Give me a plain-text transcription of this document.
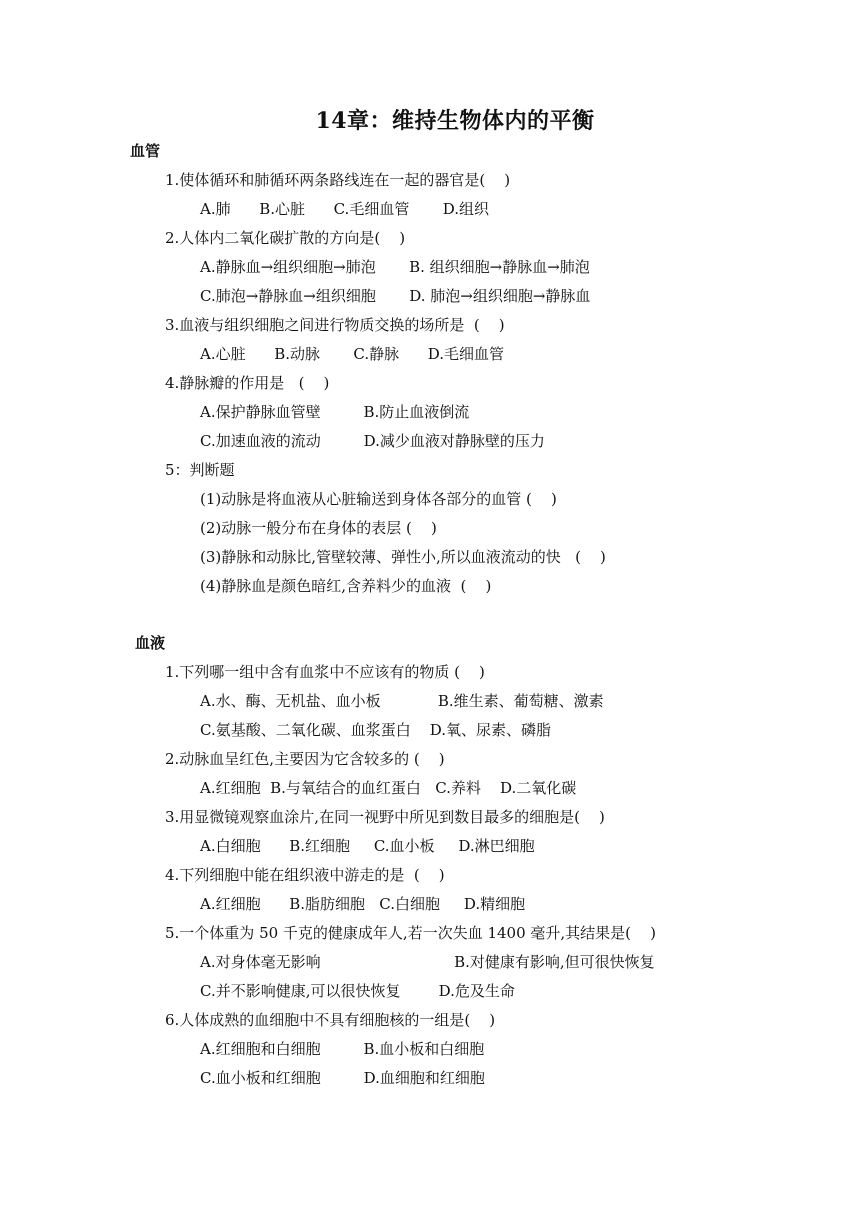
14章：维持生物体内的平衡
血管
1.使体循环和肺循环两条路线连在一起的器官是(    )
A.肺      B.心脏      C.毛细血管       D.组织
2.人体内二氧化碳扩散的方向是(    )
A.静脉血→组织细胞→肺泡       B. 组织细胞→静脉血→肺泡
C.肺泡→静脉血→组织细胞       D. 肺泡→组织细胞→静脉血
3.血液与组织细胞之间进行物质交换的场所是  (    )
A.心脏      B.动脉       C.静脉      D.毛细血管
4.静脉瓣的作用是   (    )
A.保护静脉血管壁         B.防止血液倒流
C.加速血液的流动         D.减少血液对静脉壁的压力
5：判断题
(1)动脉是将血液从心脏输送到身体各部分的血管 (    )
(2)动脉一般分布在身体的表层 (    )
(3)静脉和动脉比,管壁较薄、弹性小,所以血液流动的快   (    )
(4)静脉血是颜色暗红,含养料少的血液  (    )
血液
1.下列哪一组中含有血浆中不应该有的物质 (    )
A.水、酶、无机盐、血小板            B.维生素、葡萄糖、激素
C.氨基酸、二氧化碳、血浆蛋白    D.氧、尿素、磷脂
2.动脉血呈红色,主要因为它含较多的 (    )
A.红细胞  B.与氧结合的血红蛋白   C.养料    D.二氧化碳
3.用显微镜观察血涂片,在同一视野中所见到数目最多的细胞是(    )
A.白细胞      B.红细胞     C.血小板     D.淋巴细胞
4.下列细胞中能在组织液中游走的是  (    )
A.红细胞      B.脂肪细胞   C.白细胞     D.精细胞
5.一个体重为 50 千克的健康成年人,若一次失血 1400 毫升,其结果是(    )
A.对身体毫无影响                            B.对健康有影响,但可很快恢复
C.并不影响健康,可以很快恢复        D.危及生命
6.人体成熟的血细胞中不具有细胞核的一组是(    )
A.红细胞和白细胞         B.血小板和白细胞
C.血小板和红细胞         D.血细胞和红细胞
